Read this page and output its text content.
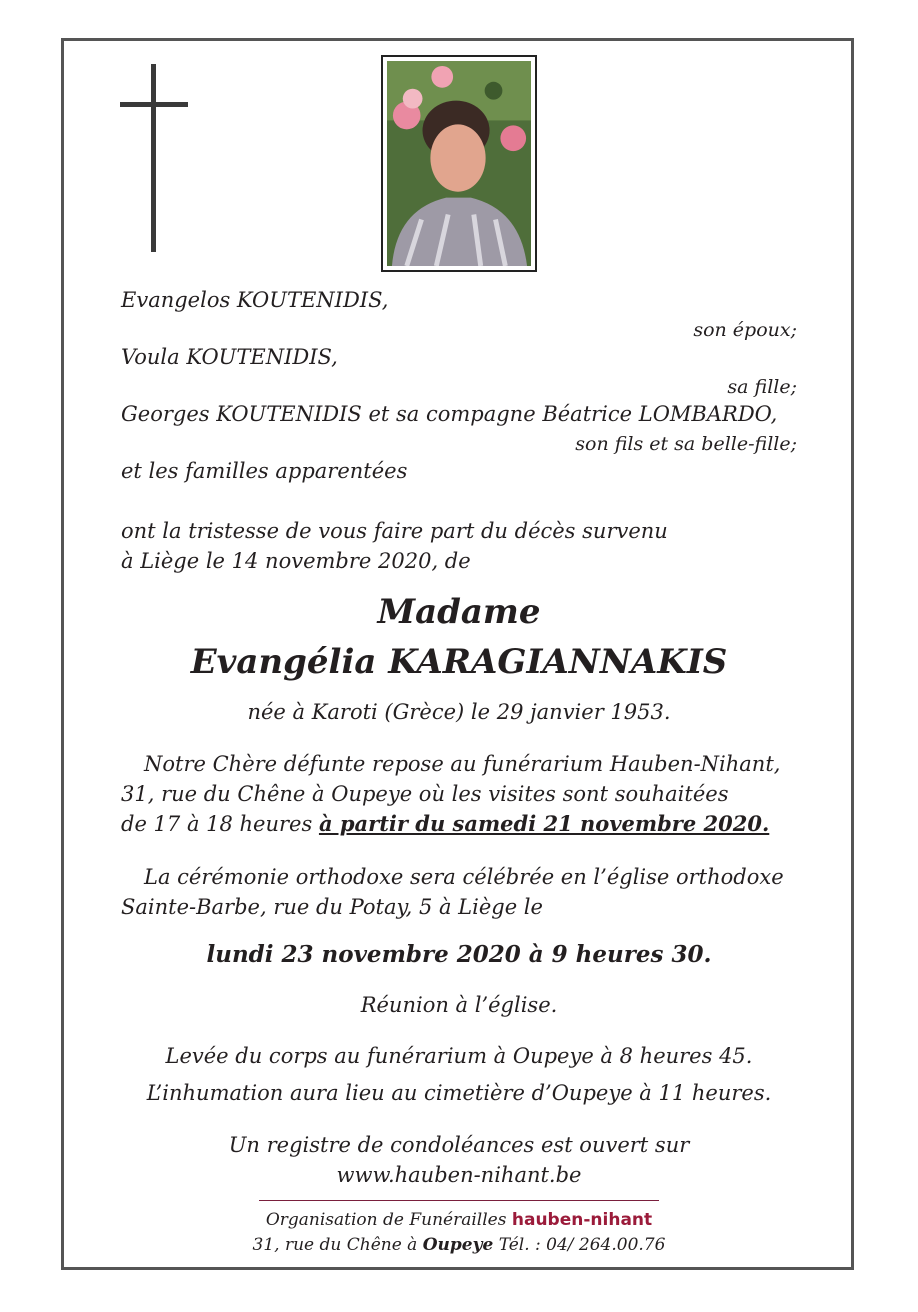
Evangelos KOUTENIDIS,
son époux;
Voula KOUTENIDIS,
sa fille;
Georges KOUTENIDIS et sa compagne Béatrice LOMBARDO,
son fils et sa belle-fille;
et les familles apparentées
ont la tristesse de vous faire part du décès survenu
à Liège le 14 novembre 2020, de
Madame
Evangélia KARAGIANNAKIS
née à Karoti (Grèce) le 29 janvier 1953.
Notre Chère défunte repose au funérarium Hauben-Nihant,
31, rue du Chêne à Oupeye où les visites sont souhaitées
de 17 à 18 heures à partir du samedi 21 novembre 2020.
La cérémonie orthodoxe sera célébrée en l’église orthodoxe
Sainte-Barbe, rue du Potay, 5 à Liège le
lundi 23 novembre 2020 à 9 heures 30.
Réunion à l’église.
Levée du corps au funérarium à Oupeye à 8 heures 45.
L’inhumation aura lieu au cimetière d’Oupeye à 11 heures.
Un registre de condoléances est ouvert sur
www.hauben-nihant.be
Organisation de Funérailles hauben-nihant
31, rue du Chêne à Oupeye Tél. : 04/ 264.00.76
